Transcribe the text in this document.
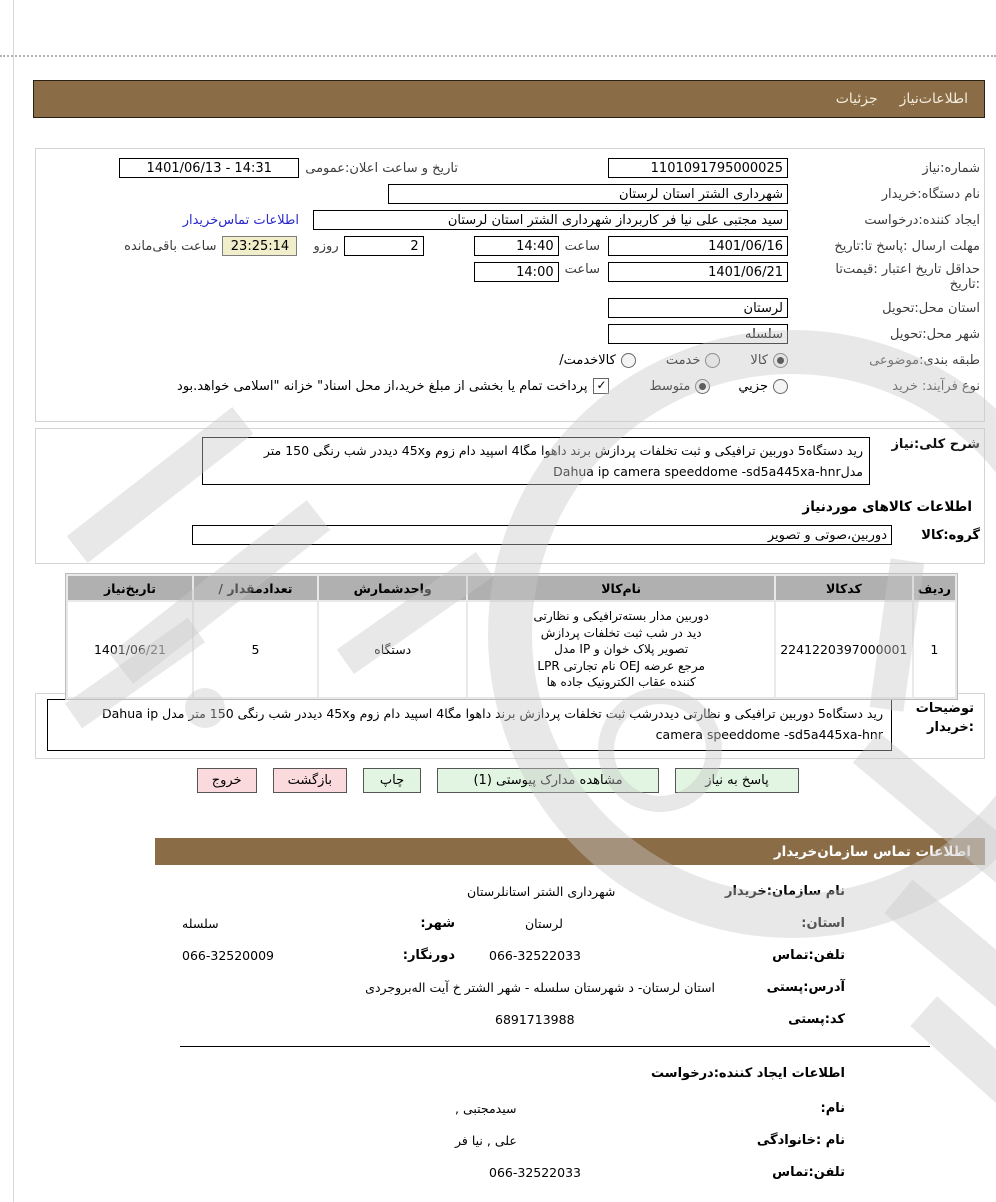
اطلاعات‌نیاز
جزئیات
شماره:نیاز
1101091795000025
تاریخ و ساعت اعلان:عمومی
1401/06/13 - 14:31
نام دستگاه:خریدار
شهرداری الشتر استان لرستان
ایجاد کننده:درخواست
سید مجتبی علی نیا فر کاربرداز شهرداری الشتر استان لرستان
اطلاعات تماس‌خریدار
مهلت ارسال :پاسخ تا:تاریخ
1401/06/16
ساعت
14:40
2
روزو
23:25:14
ساعت باقی‌مانده
حداقل تاریخ اعتبار :قیمت‌تا
:تاریخ
1401/06/21
ساعت
14:00
استان محل:تحویل
لرستان
شهر محل:تحویل
سلسله
طبقه بندی:موضوعی
کالا
خدمت
کالاخدمت/
نوع فرآیند: خرید
جزیي
متوسط
✓
پرداخت تمام یا بخشی از مبلغ خرید،از محل اسناد" خزانه "اسلامی خواهد.بود
شرح کلی:نیاز
رید دستگاه5 دوربین ترافیکی و ثبت تخلفات پردازش برند داهوا مگا4 اسپید دام زوم و45x دیددر شب رنگی 150 متر مدلDahua ip camera speeddome -sd5a445xa-hnr
اطلاعات کالاهای موردنیاز
گروه:کالا
دوربین،صوتی و تصویر
ردیف	کدکالا	نام‌کالا	واحدشمارش	/ تعدادمقدار	تاریخ‌نیاز
1	2241220397000001	دوربین مدار بسته‌ترافیکی و نظارتی
دید در شب ثبت تخلفات پردازش
تصویر پلاک خوان و IP مدل
LPR نام تجارتی OEJ مرجع عرضه
کننده عقاب الکترونیک جاده ها	دستگاه	5	1401/06/21
توضیحات
:خریدار
رید دستگاه5 دوربین ترافیکی و نظارتی دیددرشب ثبت تخلفات پردازش برند داهوا مگا4 اسپید دام زوم و45x دیددر شب رنگی 150 متر مدل Dahua ip camera speeddome -sd5a445xa-hnr
پاسخ به نیاز
مشاهده مدارک پیوستی (1)
چاپ
بازگشت
خروج
اطلاعات تماس سازمان‌خریدار
نام سازمان:خریدار
شهرداری الشتر استانلرستان
استان:
لرستان
شهر:
سلسله
تلفن:تماس
066-32522033
دورنگار:
066-32520009
آدرس:پستی
استان لرستان- د شهرستان سلسله - شهر الشتر خ آیت اله‌بروجردی
کد:پستی
6891713988
اطلاعات ایجاد کننده:درخواست
نام:
سیدمجتبی ,
نام :خانوادگی
علی , نیا فر
تلفن:تماس
066-32522033
